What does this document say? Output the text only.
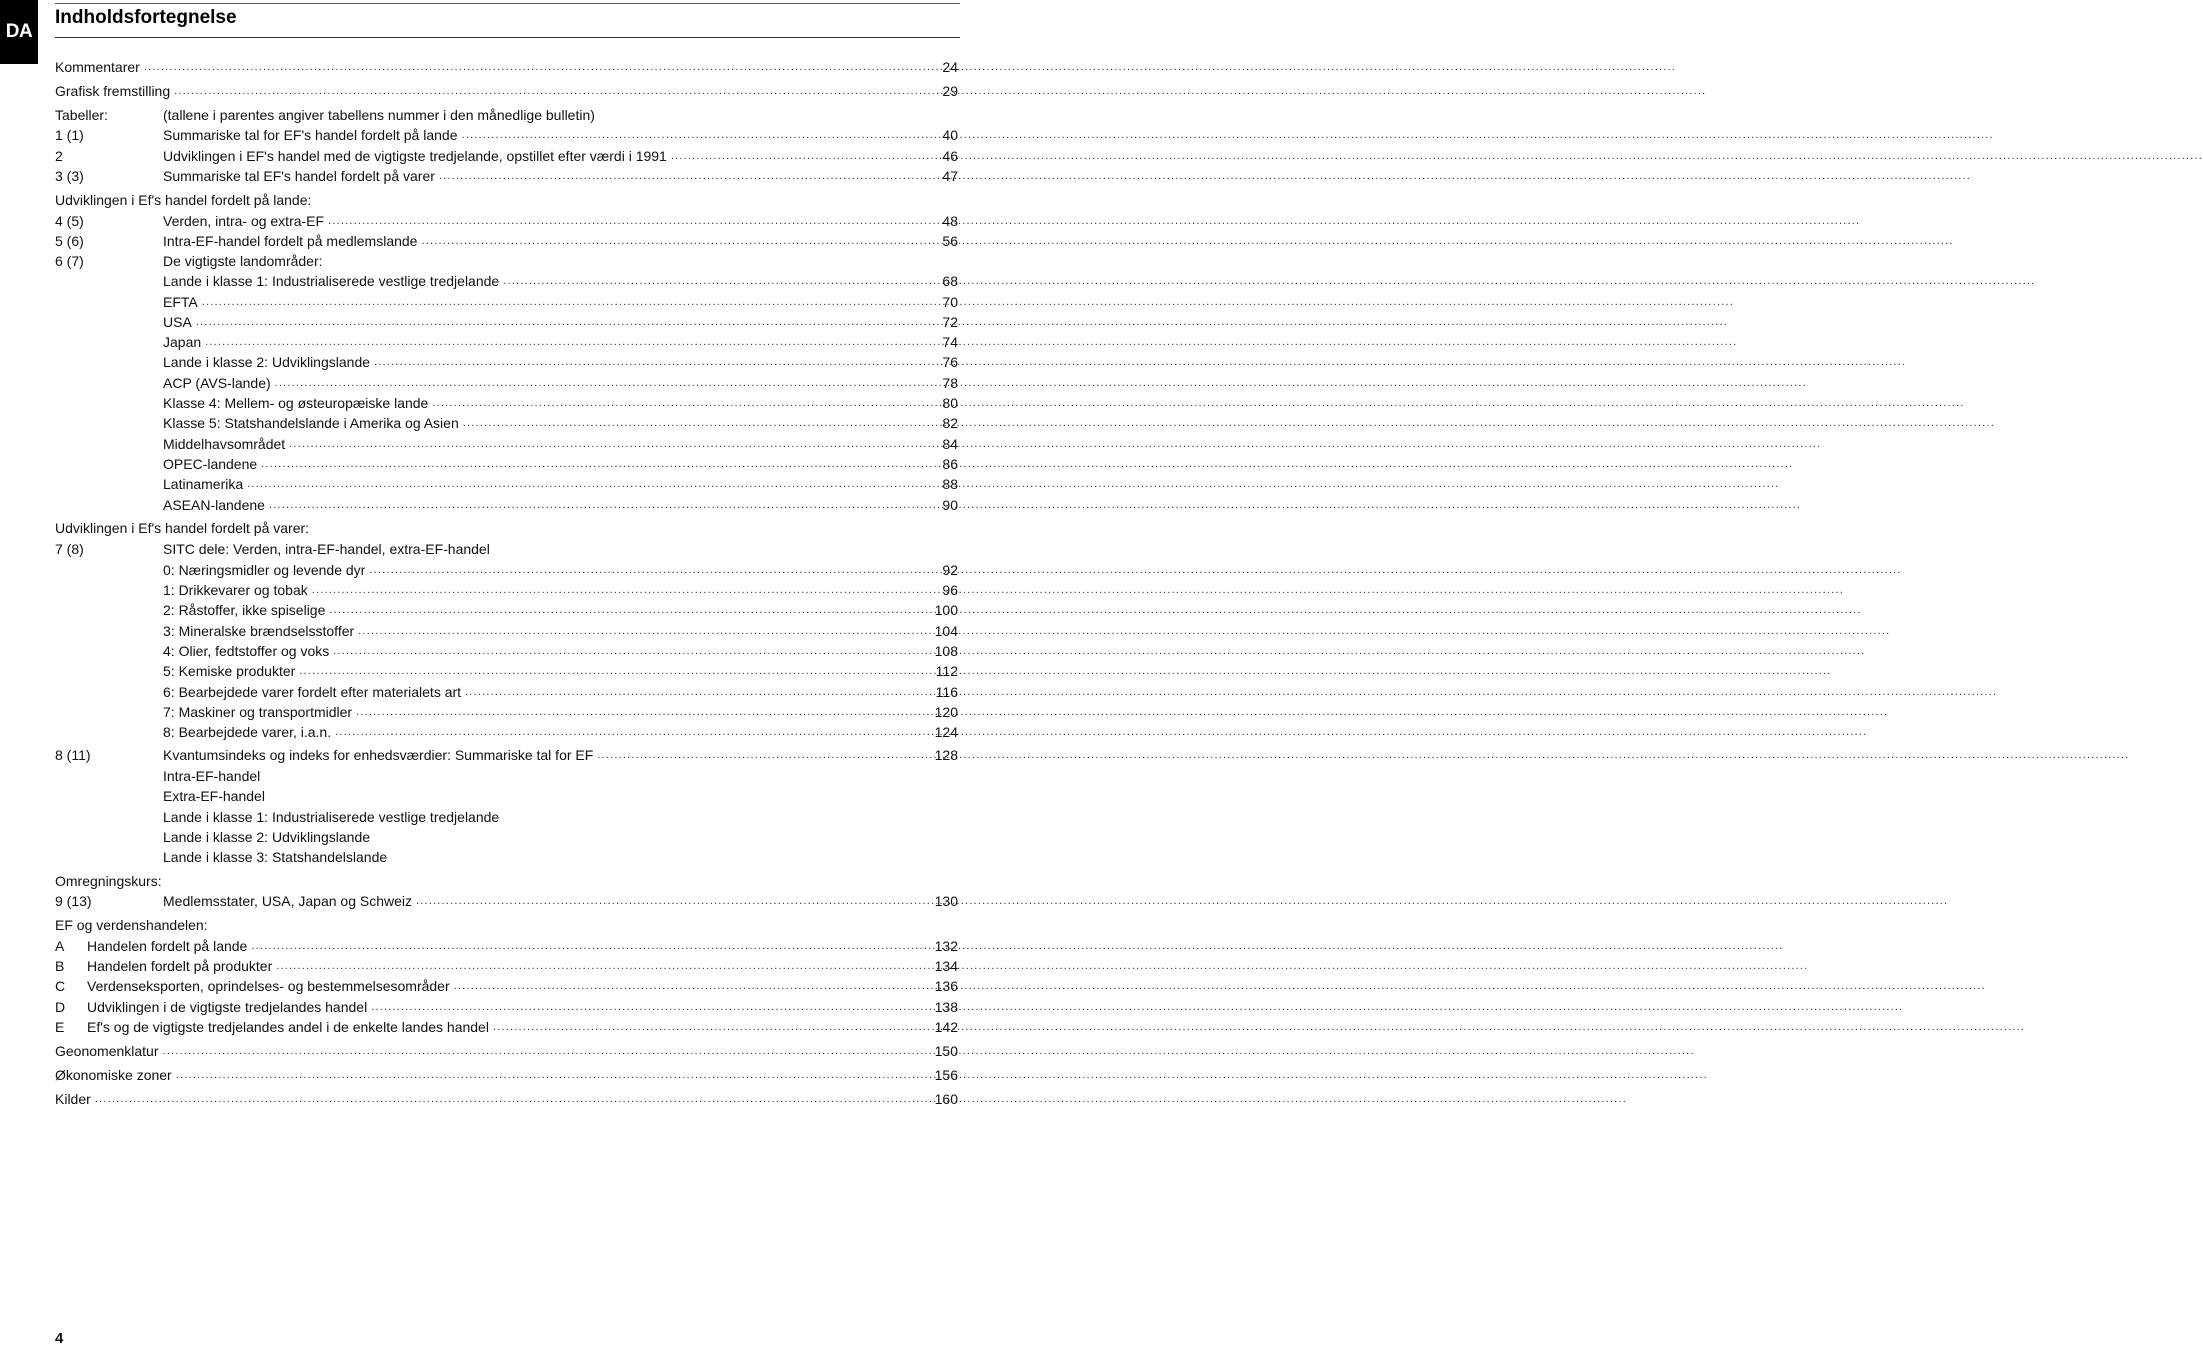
DA
Indholdsfortegnelse
Kommentarer .....	24
Grafisk fremstilling .....	29
Tabeller:	(tallene i parentes angiver tabellens nummer i den månedlige bulletin)
1 (1)	Summariske tal for EF's handel fordelt på lande .....	40
2	Udviklingen i EF's handel med de vigtigste tredjelande, opstillet efter værdi i 1991 .....	46
3 (3)	Summariske tal EF's handel fordelt på varer .....	47
Udviklingen i Ef's handel fordelt på lande:
4 (5)	Verden, intra- og extra-EF .....	48
5 (6)	Intra-EF-handel fordelt på medlemslande .....	56
6 (7)	De vigtigste landområder:
Lande i klasse 1: Industrialiserede vestlige tredjelande .....	68
EFTA .....	70
USA .....	72
Japan .....	74
Lande i klasse 2: Udviklingslande .....	76
ACP (AVS-lande) .....	78
Klasse 4: Mellem- og østeuropæiske lande .....	80
Klasse 5: Statshandelslande i Amerika og Asien .....	82
Middelhavsområdet .....	84
OPEC-landene .....	86
Latinamerika .....	88
ASEAN-landene .....	90
Udviklingen i Ef's handel fordelt på varer:
7 (8)	SITC dele: Verden, intra-EF-handel, extra-EF-handel
0: Næringsmidler og levende dyr .....	92
1: Drikkevarer og tobak .....	96
2: Råstoffer, ikke spiselige .....	100
3: Mineralske brændselsstoffer .....	104
4: Olier, fedtstoffer og voks .....	108
5: Kemiske produkter .....	112
6: Bearbejdede varer fordelt efter materialets art .....	116
7: Maskiner og transportmidler .....	120
8: Bearbejdede varer, i.a.n. .....	124
8 (11)	Kvantumsindeks og indeks for enhedsværdier: Summariske tal for EF .....	128
Intra-EF-handel
Extra-EF-handel
Lande i klasse 1: Industrialiserede vestlige tredjelande
Lande i klasse 2: Udviklingslande
Lande i klasse 3: Statshandelslande
Omregningskurs:
9 (13)	Medlemsstater, USA, Japan og Schweiz .....	130
EF og verdenshandelen:
A	Handelen fordelt på lande .....	132
B	Handelen fordelt på produkter .....	134
C	Verdenseksporten, oprindelses- og bestemmelsesområder .....	136
D	Udviklingen i de vigtigste tredjelandes handel .....	138
E	Ef's og de vigtigste tredjelandes andel i de enkelte landes handel .....	142
Geonomenklatur .....	150
Økonomiske zoner .....	156
Kilder .....	160
4
